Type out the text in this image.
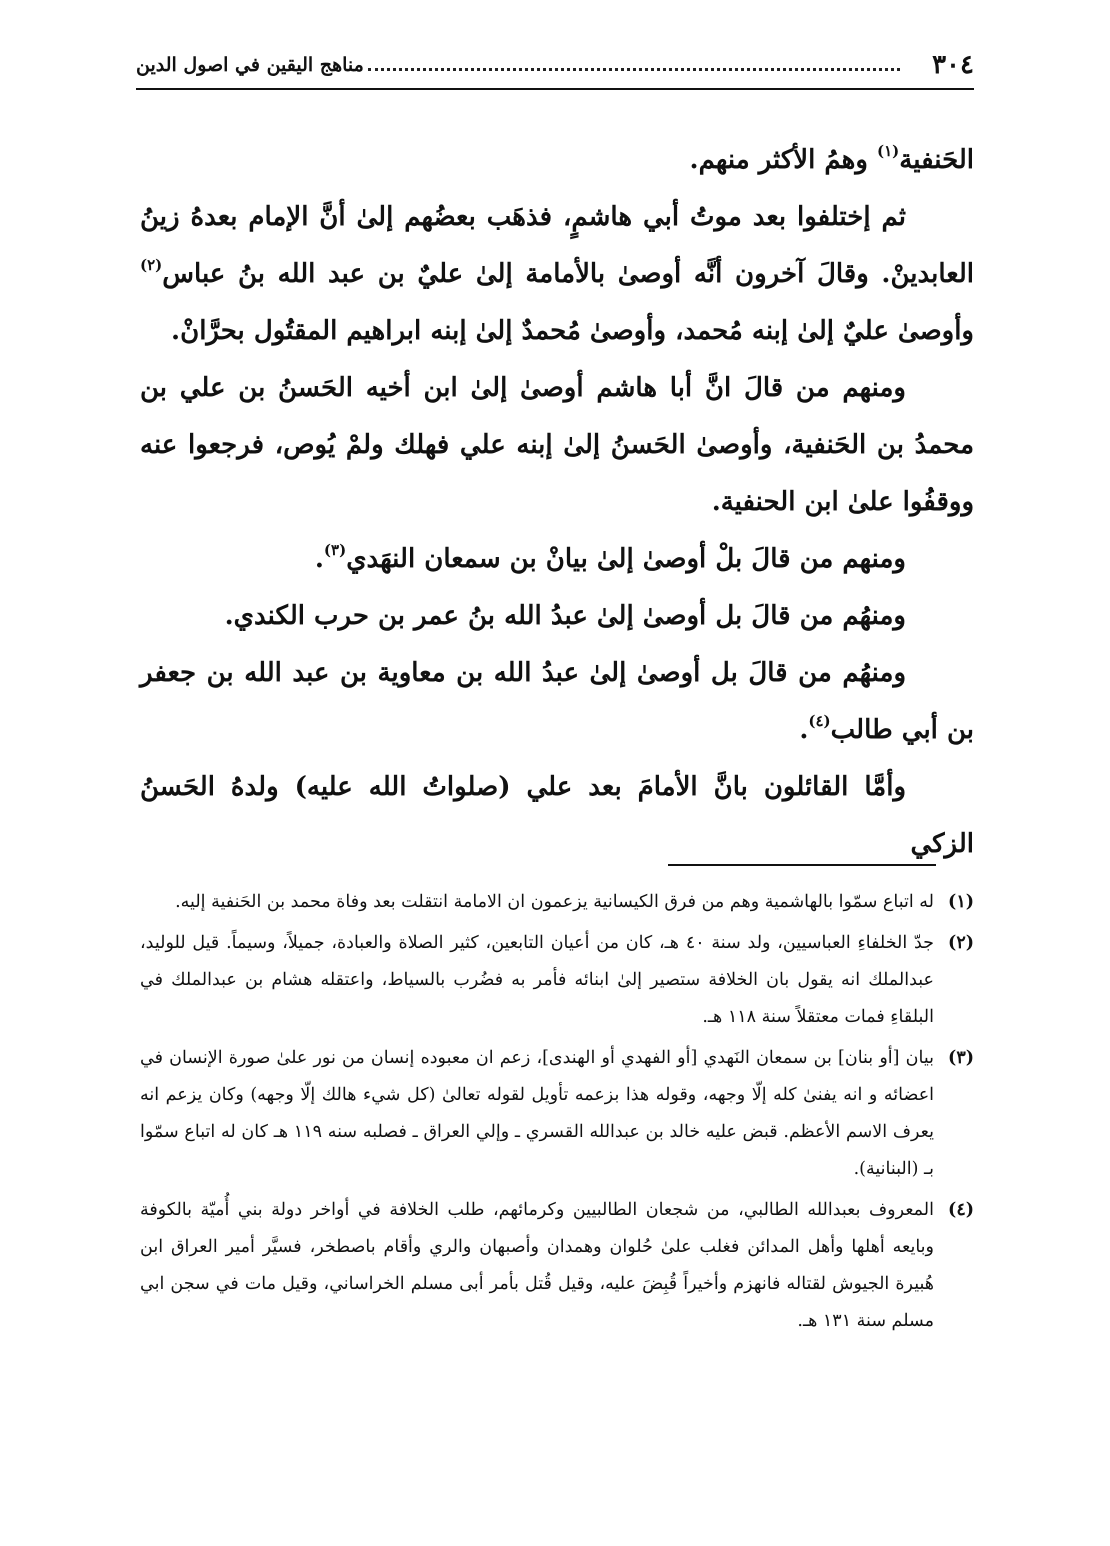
٣٠٤
مناهج اليقين في اصول الدين

الحَنفية$^{(١)}$ وهمُ الأكثر منهم.

ثم إختلفوا بعد موتُ أبي هاشمٍ، فذهَب بعضُهم إلىٰ أنَّ الإمام بعدهُ زينُ العابدينْ. وقالَ آخرون أنَّه أوصىٰ بالأمامة إلىٰ عليٌ بن عبد الله بنُ عباس$^{(٢)}$ وأوصىٰ عليٌ إلىٰ إبنه مُحمد، وأوصىٰ مُحمدٌ إلىٰ إبنه ابراهيم المقتُول بحرَّانْ.

ومنهم من قالَ انَّ أبا هاشم أوصىٰ إلىٰ ابن أخيه الحَسنُ بن علي بن محمدُ بن الحَنفية، وأوصىٰ الحَسنُ إلىٰ إبنه علي فهلك ولمْ يُوص، فرجعوا عنه ووقفُوا علىٰ ابن الحنفية.

ومنهم من قالَ بلْ أوصىٰ إلىٰ بيانْ بن سمعان النهَدي$^{(٣)}$.

ومنهُم من قالَ بل أوصىٰ إلىٰ عبدُ الله بنُ عمر بن حرب الكندي.

ومنهُم من قالَ بل أوصىٰ إلىٰ عبدُ الله بن معاوية بن عبد الله بن جعفر بن أبي طالب$^{(٤)}$.

وأمَّا القائلون بانَّ الأمامَ بعد علي (صلواتُ الله عليه) ولدهُ الحَسنُ الزكي

(١)
له اتباع سمّوا بالهاشمية وهم من فرق الكيسانية يزعمون ان الامامة انتقلت بعد وفاة محمد بن الحَنفية إليه.

(٢)
جدّ الخلفاءِ العباسيين، ولد سنة ٤٠ هـ، كان من أعيان التابعين، كثير الصلاة والعبادة، جميلاً، وسيماً. قيل للوليد، عبدالملك انه يقول بان الخلافة ستصير إلىٰ ابنائه فأمر به فضُرب بالسياط، واعتقله هشام بن عبدالملك في البلقاءِ فمات معتقلاً سنة ١١٨ هـ.

(٣)
بيان [أو بنان] بن سمعان النَهدي [أو الفهدي أو الهندى]، زعم ان معبوده إنسان من نور علىٰ صورة الإنسان في اعضائه و انه يفنىٰ كله إلّا وجهه، وقوله هذا بزعمه تأويل لقوله تعالىٰ (كل شيء هالك إلّا وجهه) وكان يزعم انه يعرف الاسم الأعظم. قبض عليه خالد بن عبدالله القسري ـ وإلي العراق ـ فصلبه سنه ١١٩ هـ كان له اتباع سمّوا بـ (البنانية).

(٤)
المعروف بعبدالله الطالبي، من شجعان الطالبيين وكرمائهم، طلب الخلافة في أواخر دولة بني أُميّة بالكوفة وبايعه أهلها وأهل المدائن فغلب علىٰ حُلوان وهمدان وأصبهان والري وأقام باصطخر، فسيَّر أمير العراق ابن هُبيرة الجيوش لقتاله فانهزم وأخيراً قُبِضَ عليه، وقيل قُتل بأمر أبى مسلم الخراساني، وقيل مات في سجن ابي مسلم سنة ١٣١ هـ.
